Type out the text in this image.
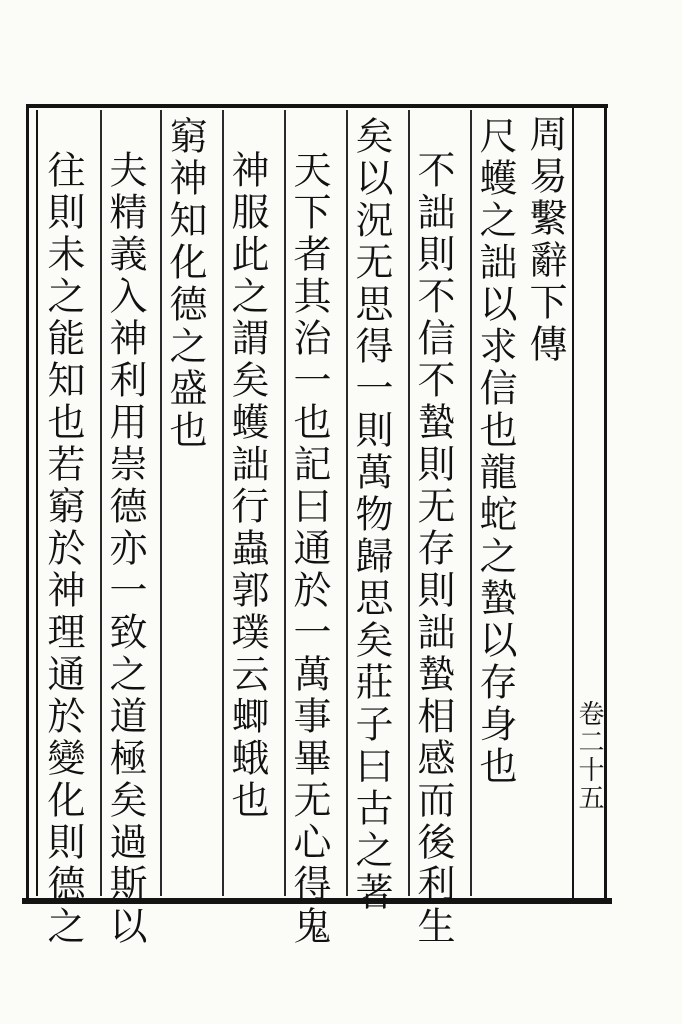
周易繫辭下傳
卷二十五
尺蠖之詘以求信也龍蛇之蟄以存身也
不詘則不信不蟄則无存則詘蟄相感而後利生
矣以況无思得一則萬物歸思矣莊子曰古之著
天下者其治一也記曰通於一萬事畢无心得鬼
神服此之謂矣蠖詘行蟲郭璞云蝍蛾也
窮神知化德之盛也
夫精義入神利用崇德亦一致之道極矣過斯以
往則未之能知也若窮於神理通於變化則德之
